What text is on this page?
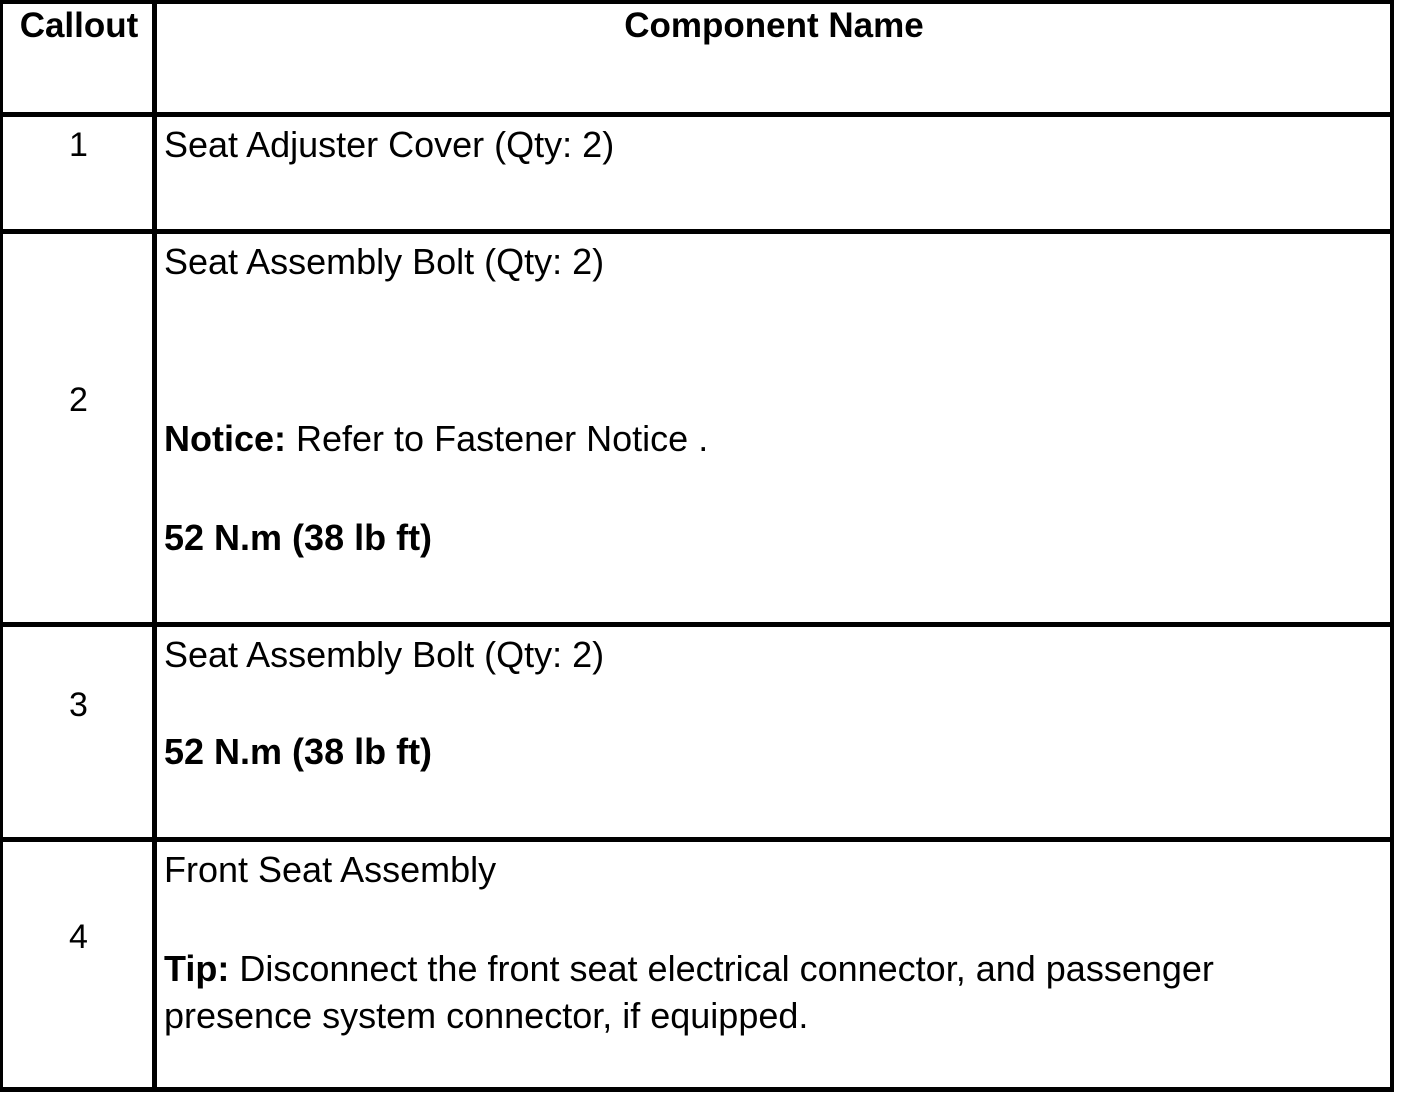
Callout	Component Name
1	Seat Adjuster Cover (Qty: 2)
2
Seat Assembly Bolt (Qty: 2)
Notice: Refer to Fastener Notice .
52 N.m (38 lb ft)
3
Seat Assembly Bolt (Qty: 2)
52 N.m (38 lb ft)
4
Front Seat Assembly
Tip: Disconnect the front seat electrical connector, and passenger
presence system connector, if equipped.
